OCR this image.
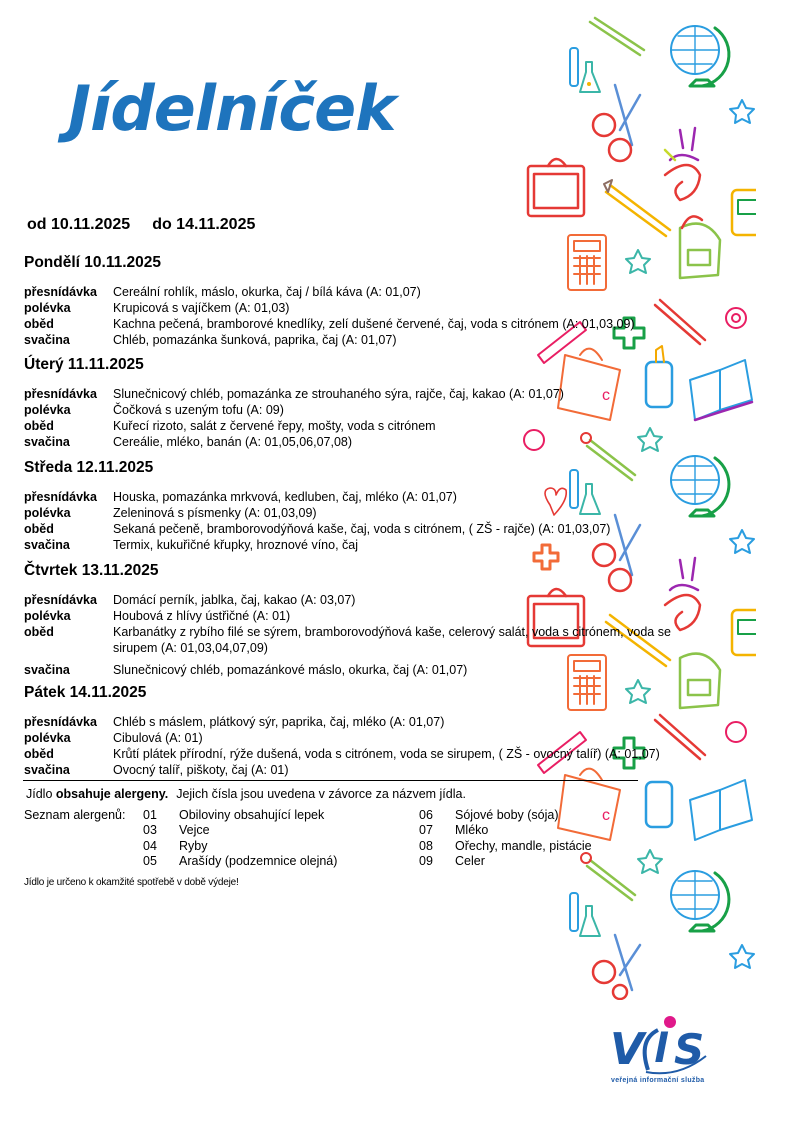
c
c
Jídelníček
od 10.11.2025 do 14.11.2025
Pondělí 10.11.2025
přesnídávka	Cereální rohlík, máslo, okurka, čaj / bílá káva (A: 01,07)
polévka	Krupicová s vajíčkem (A: 01,03)
oběd	Kachna pečená, bramborové knedlíky, zelí dušené červené, čaj, voda s citrónem (A: 01,03,09)
svačina	Chléb, pomazánka šunková, paprika, čaj (A: 01,07)
Úterý 11.11.2025
přesnídávka	Slunečnicový chléb, pomazánka ze strouhaného sýra, rajče, čaj, kakao (A: 01,07)
polévka	Čočková s uzeným tofu (A: 09)
oběd	Kuřecí rizoto, salát z červené řepy, mošty, voda s citrónem
svačina	Cereálie, mléko, banán (A: 01,05,06,07,08)
Středa 12.11.2025
přesnídávka	Houska, pomazánka mrkvová, kedluben, čaj, mléko (A: 01,07)
polévka	Zeleninová s písmenky (A: 01,03,09)
oběd	Sekaná pečeně, bramborovodýňová kaše, čaj, voda s citrónem, ( ZŠ - rajče) (A: 01,03,07)
svačina	Termix, kukuřičné křupky, hroznové víno, čaj
Čtvrtek 13.11.2025
přesnídávka	Domácí perník, jablka, čaj, kakao (A: 03,07)
polévka	Houbová z hlívy ústřičné (A: 01)
oběd	Karbanátky z rybího filé se sýrem, bramborovodýňová kaše, celerový salát, voda s citrónem, voda se sirupem (A: 01,03,04,07,09)
svačina	Slunečnicový chléb, pomazánkové máslo, okurka, čaj (A: 01,07)
Pátek 14.11.2025
přesnídávka	Chléb s máslem, plátkový sýr, paprika, čaj, mléko (A: 01,07)
polévka	Cibulová (A: 01)
oběd	Krůtí plátek přírodní, rýže dušená, voda s citrónem, voda se sirupem, ( ZŠ - ovocný talíř) (A: 01,07)
svačina	Ovocný talíř, piškoty, čaj (A: 01)
Jídlo obsahuje alergeny. Jejich čísla jsou uvedena v závorce za názvem jídla.
Seznam alergenů: 01	Obiloviny obsahující lepek
03	Vejce
04	Ryby
05	Arašídy (podzemnice olejná)
06	Sójové boby (sója)
07	Mléko
08	Ořechy, mandle, pistácie
09	Celer
Jídlo je určeno k okamžité spotřebě v době výdeje!
V l S
veřejná informační služba
